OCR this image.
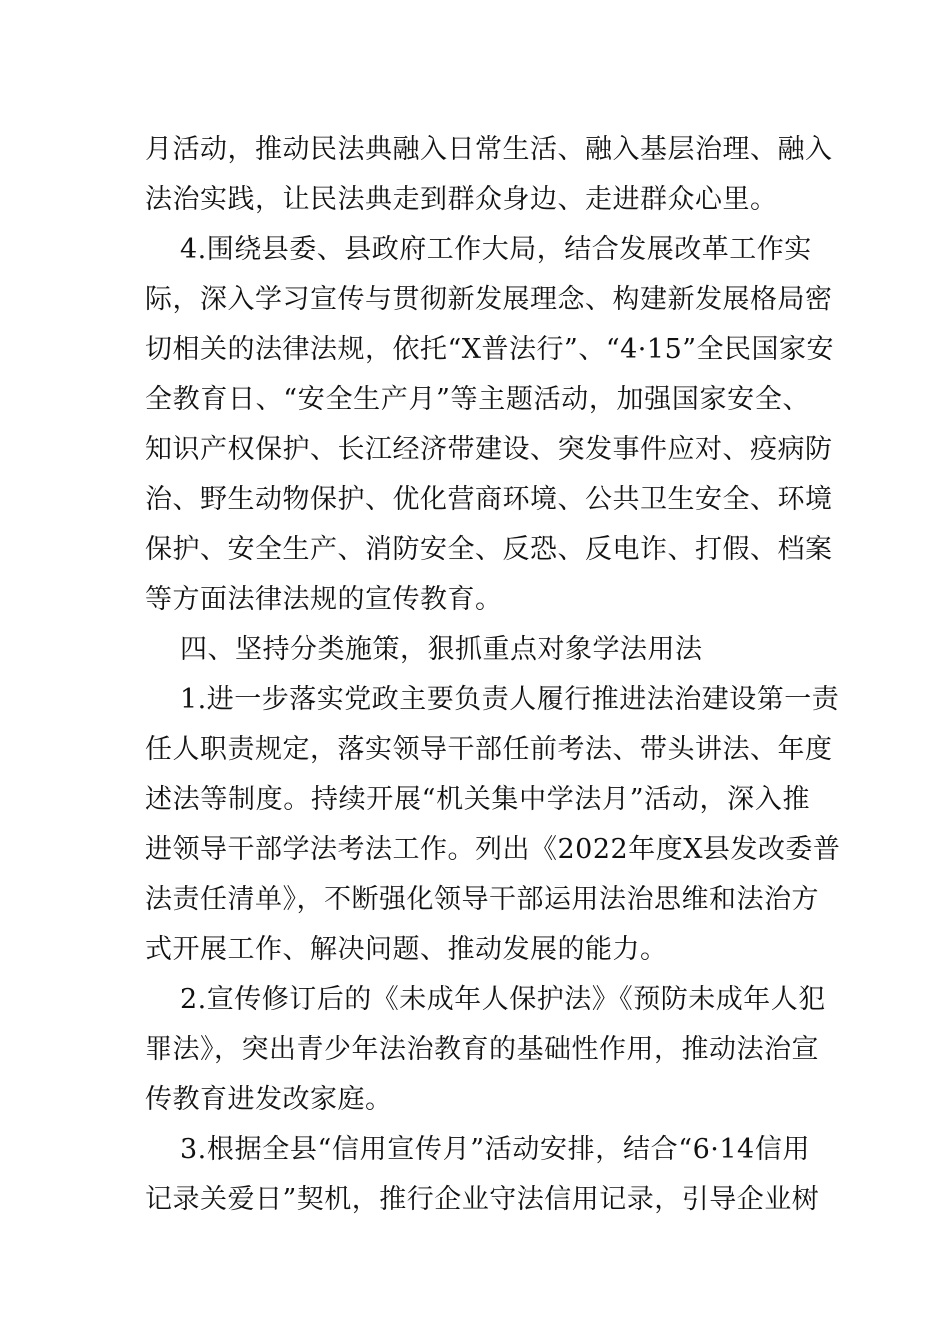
月活动，推动民法典融入日常生活、融入基层治理、融入
法治实践，让民法典走到群众身边、走进群众心里。
4.围绕县委、县政府工作大局，结合发展改革工作实
际，深入学习宣传与贯彻新发展理念、构建新发展格局密
切相关的法律法规，依托“X普法行”、“4·15”全民国家安
全教育日、“安全生产月”等主题活动，加强国家安全、
知识产权保护、长江经济带建设、突发事件应对、疫病防
治、野生动物保护、优化营商环境、公共卫生安全、环境
保护、安全生产、消防安全、反恐、反电诈、打假、档案
等方面法律法规的宣传教育。
四、坚持分类施策，狠抓重点对象学法用法
1.进一步落实党政主要负责人履行推进法治建设第一责
任人职责规定，落实领导干部任前考法、带头讲法、年度
述法等制度。持续开展“机关集中学法月”活动，深入推
进领导干部学法考法工作。列出《2022年度X县发改委普
法责任清单》，不断强化领导干部运用法治思维和法治方
式开展工作、解决问题、推动发展的能力。
2.宣传修订后的《未成年人保护法》《预防未成年人犯
罪法》，突出青少年法治教育的基础性作用，推动法治宣
传教育进发改家庭。
3.根据全县“信用宣传月”活动安排，结合“6·14信用
记录关爱日”契机，推行企业守法信用记录，引导企业树
